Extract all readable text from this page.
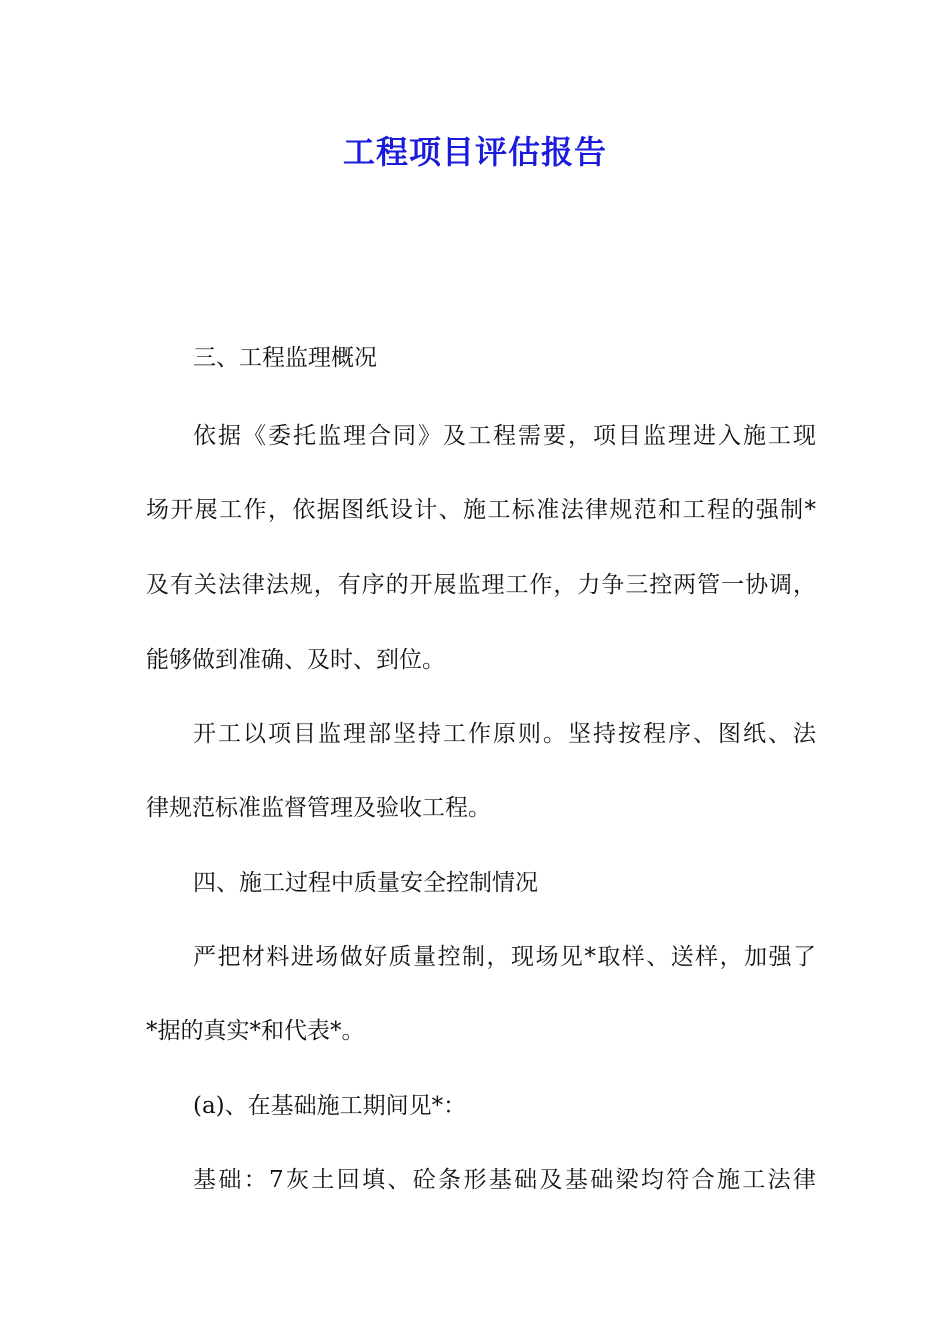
工程项目评估报告
三、工程监理概况
依据《委托监理合同》及工程需要，项目监理进入施工现
场开展工作，依据图纸设计、施工标准法律规范和工程的强制*
及有关法律法规，有序的开展监理工作，力争三控两管一协调，
能够做到准确、及时、到位。
开工以项目监理部坚持工作原则。坚持按程序、图纸、法
律规范标准监督管理及验收工程。
四、施工过程中质量安全控制情况
严把材料进场做好质量控制，现场见*取样、送样，加强了
*据的真实*和代表*。
(a)、在基础施工期间见*：
基础：7灰土回填、砼条形基础及基础梁均符合施工法律
